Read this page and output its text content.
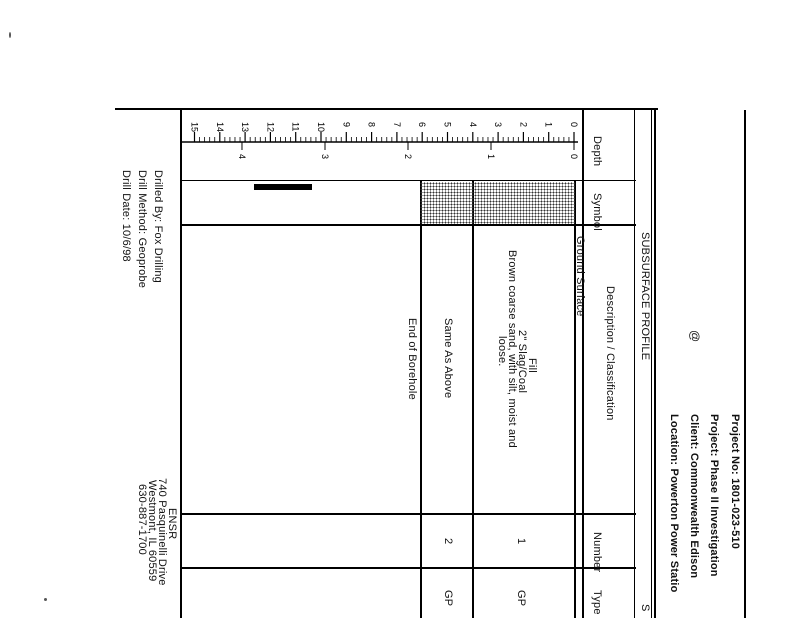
Project No: 1801-023-510
Project: Phase II Investigation
Client: Commonwealth Edison
Location: Powerton Power Statio
@
SUBSURFACE PROFILE
S
Depth
Symbol
Description / Classification
Number
Type
Ground Surface
Fill
2" Slag/Coal
Brown coarse sand, with silt, moist and
loose.
1
GP
Same As Above
2
GP
End of Borehole
Drilled By: Fox Drilling
Drill Method: Geoprobe
Drill Date: 10/6/98
ENSR
740 Pasquinelli Drive
Westmont, IL 60559
630-887-1700
0
1
2
3
4
5
6
7
8
9
10
11
12
13
14
15
0
1
2
3
4
